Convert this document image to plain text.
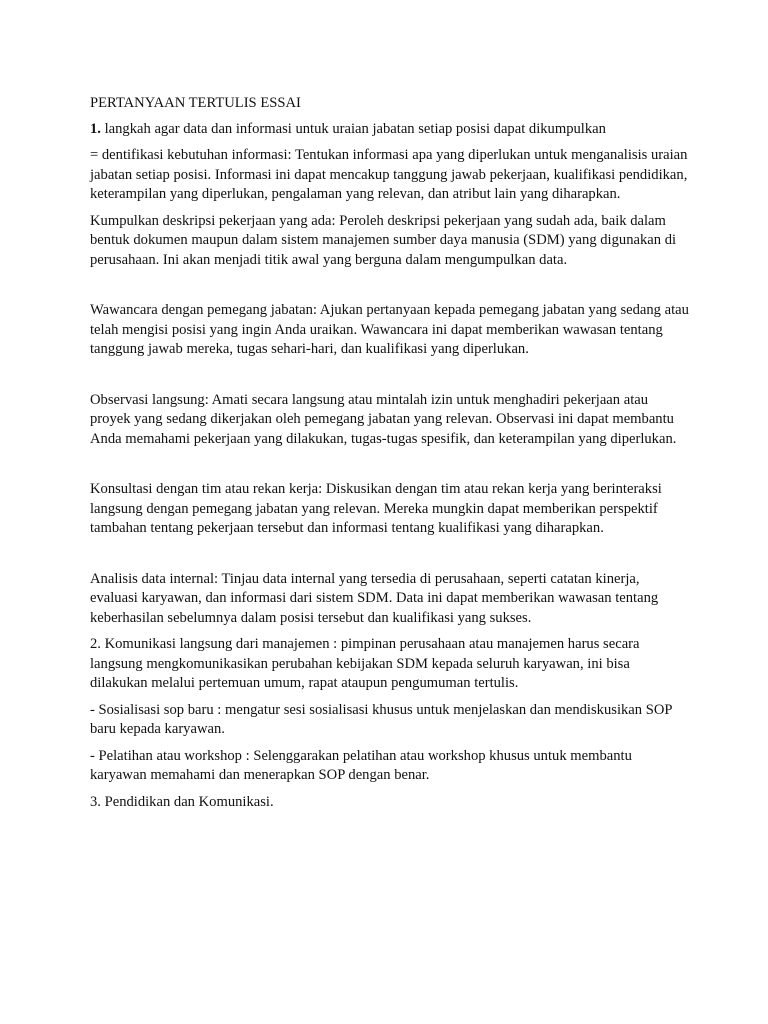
PERTANYAAN TERTULIS ESSAI

1. langkah agar data dan informasi untuk uraian jabatan setiap posisi dapat dikumpulkan

= dentifikasi kebutuhan informasi: Tentukan informasi apa yang diperlukan untuk menganalisis uraian jabatan setiap posisi. Informasi ini dapat mencakup tanggung jawab pekerjaan, kualifikasi pendidikan, keterampilan yang diperlukan, pengalaman yang relevan, dan atribut lain yang diharapkan.

Kumpulkan deskripsi pekerjaan yang ada: Peroleh deskripsi pekerjaan yang sudah ada, baik dalam bentuk dokumen maupun dalam sistem manajemen sumber daya manusia (SDM) yang digunakan di perusahaan. Ini akan menjadi titik awal yang berguna dalam mengumpulkan data.

Wawancara dengan pemegang jabatan: Ajukan pertanyaan kepada pemegang jabatan yang sedang atau telah mengisi posisi yang ingin Anda uraikan. Wawancara ini dapat memberikan wawasan tentang tanggung jawab mereka, tugas sehari-hari, dan kualifikasi yang diperlukan.

Observasi langsung: Amati secara langsung atau mintalah izin untuk menghadiri pekerjaan atau proyek yang sedang dikerjakan oleh pemegang jabatan yang relevan. Observasi ini dapat membantu Anda memahami pekerjaan yang dilakukan, tugas-tugas spesifik, dan keterampilan yang diperlukan.

Konsultasi dengan tim atau rekan kerja: Diskusikan dengan tim atau rekan kerja yang berinteraksi langsung dengan pemegang jabatan yang relevan. Mereka mungkin dapat memberikan perspektif tambahan tentang pekerjaan tersebut dan informasi tentang kualifikasi yang diharapkan.

Analisis data internal: Tinjau data internal yang tersedia di perusahaan, seperti catatan kinerja, evaluasi karyawan, dan informasi dari sistem SDM. Data ini dapat memberikan wawasan tentang keberhasilan sebelumnya dalam posisi tersebut dan kualifikasi yang sukses.

2. Komunikasi langsung dari manajemen : pimpinan perusahaan atau manajemen harus secara langsung mengkomunikasikan perubahan kebijakan SDM kepada seluruh karyawan, ini bisa dilakukan melalui pertemuan umum, rapat ataupun pengumuman tertulis.

- Sosialisasi sop baru : mengatur sesi sosialisasi khusus untuk menjelaskan dan mendiskusikan SOP baru kepada karyawan.

- Pelatihan atau workshop : Selenggarakan pelatihan atau workshop khusus untuk membantu karyawan memahami dan menerapkan SOP dengan benar.

3. Pendidikan dan Komunikasi.
